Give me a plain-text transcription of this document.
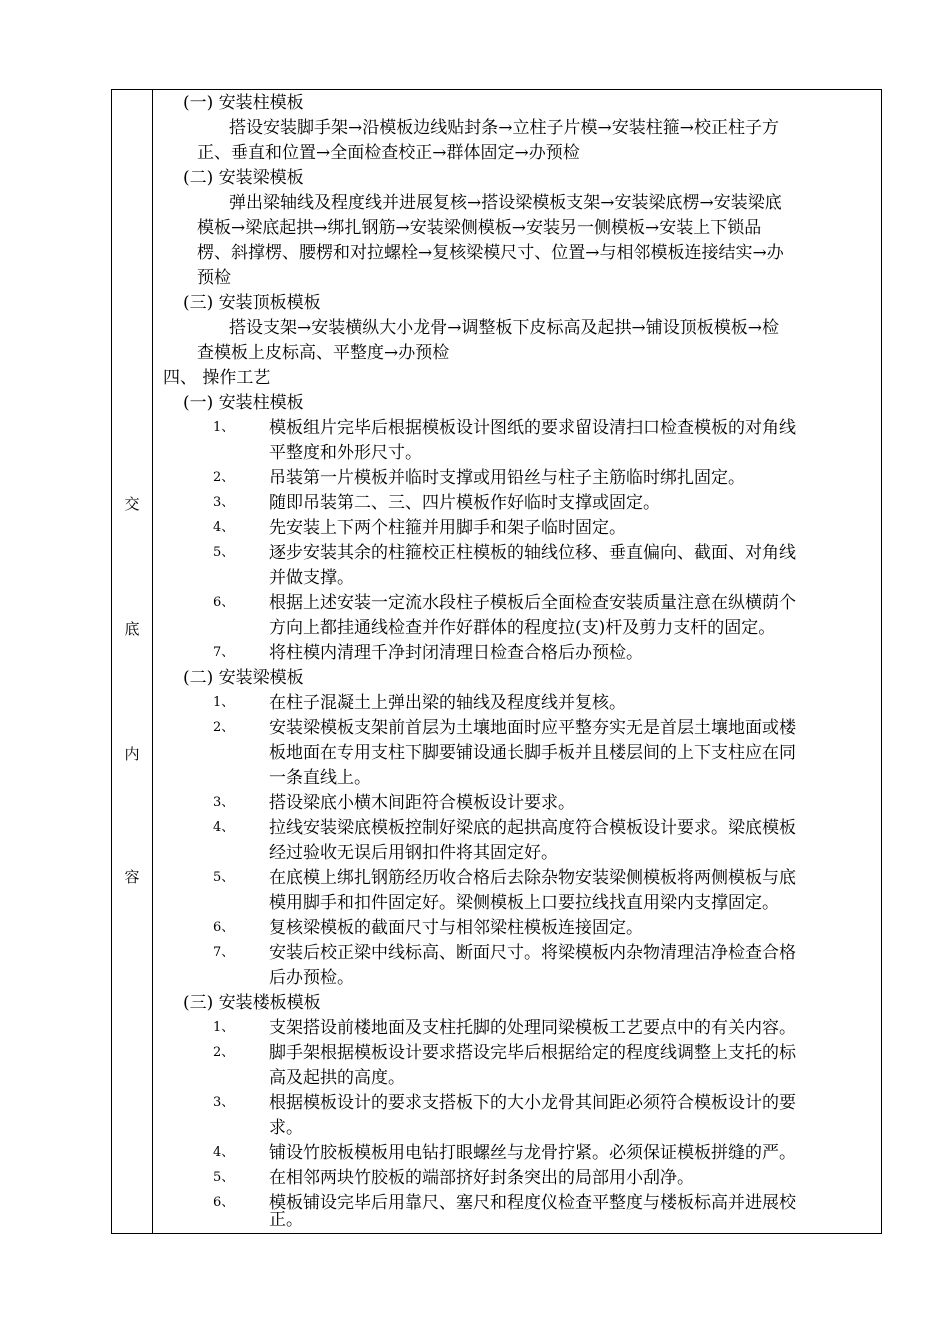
交
底
内
容
(一) 安装柱模板
搭设安装脚手架→沿模板边线贴封条→立柱子片模→安装柱箍→校正柱子方
正、垂直和位置→全面检查校正→群体固定→办预检
(二) 安装梁模板
弹出梁轴线及程度线并进展复核→搭设梁模板支架→安装梁底楞→安装梁底
模板→梁底起拱→绑扎钢筋→安装梁侧模板→安装另一侧模板→安装上下锁品
楞、斜撑楞、腰楞和对拉螺栓→复核梁模尺寸、位置→与相邻模板连接结实→办
预检
(三) 安装顶板模板
搭设支架→安装横纵大小龙骨→调整板下皮标高及起拱→铺设顶板模板→检
查模板上皮标高、平整度→办预检
四、 操作工艺
(一) 安装柱模板
1、 模板组片完毕后根据模板设计图纸的要求留设清扫口检查模板的对角线
平整度和外形尺寸。
2、 吊装第一片模板并临时支撑或用铅丝与柱子主筋临时绑扎固定。
3、 随即吊装第二、三、四片模板作好临时支撑或固定。
4、 先安装上下两个柱箍并用脚手和架子临时固定。
5、 逐步安装其余的柱箍校正柱模板的轴线位移、垂直偏向、截面、对角线
并做支撑。
6、 根据上述安装一定流水段柱子模板后全面检查安装质量注意在纵横荫个
方向上都挂通线检查并作好群体的程度拉(支)杆及剪力支杆的固定。
7、 将柱模内清理千净封闭清理日检查合格后办预检。
(二) 安装梁模板
1、 在柱子混凝土上弹出梁的轴线及程度线并复核。
2、 安装梁模板支架前首层为土壤地面时应平整夯实无是首层土壤地面或楼
板地面在专用支柱下脚要铺设通长脚手板并且楼层间的上下支柱应在同
一条直线上。
3、 搭设梁底小横木间距符合模板设计要求。
4、 拉线安装梁底模板控制好梁底的起拱高度符合模板设计要求。梁底模板
经过验收无误后用钢扣件将其固定好。
5、 在底模上绑扎钢筋经历收合格后去除杂物安装梁侧模板将两侧模板与底
模用脚手和扣件固定好。梁侧模板上口要拉线找直用梁内支撑固定。
6、 复核梁模板的截面尺寸与相邻梁柱模板连接固定。
7、 安装后校正梁中线标高、断面尺寸。将梁模板内杂物清理洁净检查合格
后办预检。
(三) 安装楼板模板
1、 支架搭设前楼地面及支柱托脚的处理同梁模板工艺要点中的有关内容。
2、 脚手架根据模板设计要求搭设完毕后根据给定的程度线调整上支托的标
高及起拱的高度。
3、 根据模板设计的要求支搭板下的大小龙骨其间距必须符合模板设计的要
求。
4、 铺设竹胶板模板用电钻打眼螺丝与龙骨拧紧。必须保证模板拼缝的严。
5、 在相邻两块竹胶板的端部挤好封条突出的局部用小刮净。
6、 模板铺设完毕后用靠尺、塞尺和程度仪检查平整度与楼板标高并进展校
正。
